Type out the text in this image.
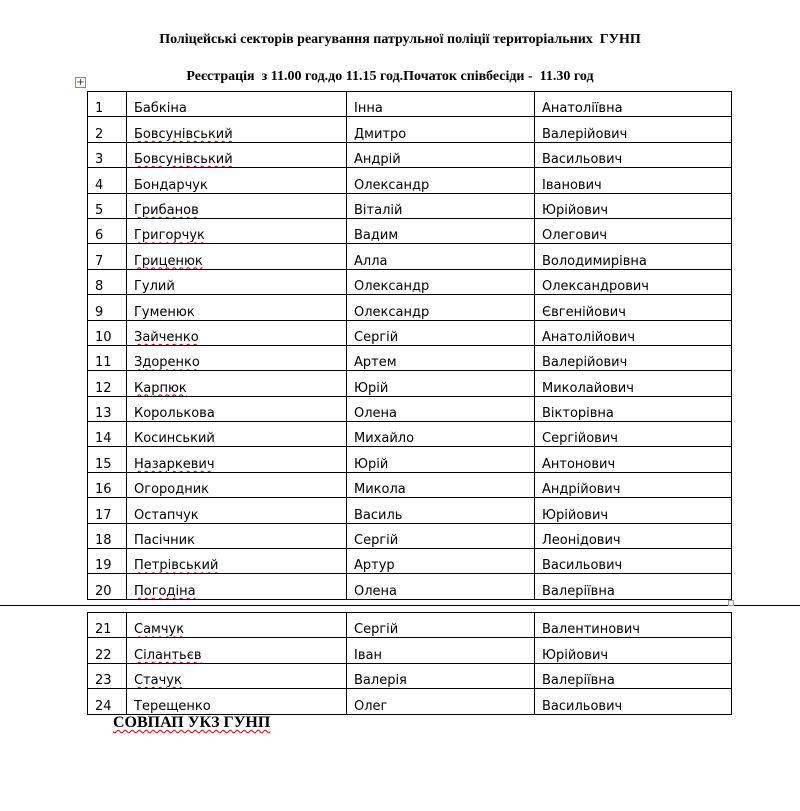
Поліцейські секторів реагування патрульної поліції територіальних  ГУНП
+	Реєстрація  з 11.00 год.до 11.15 год.Початок співбесіди -  11.30 год
1	Бабкіна	Інна	Анатоліївна
2	Бовсунівський	Дмитро	Валерійович
3	Бовсунівський	Андрій	Васильович
4	Бондарчук	Олександр	Іванович
5	Грибанов	Віталій	Юрійович
6	Григорчук	Вадим	Олегович
7	Гриценюк	Алла	Володимирівна
8	Гулий	Олександр	Олександрович
9	Гуменюк	Олександр	Євгенійович
10	Зайченко	Сергій	Анатолійович
11	Здоренко	Артем	Валерійович
12	Карпюк	Юрій	Миколайович
13	Королькова	Олена	Вікторівна
14	Косинський	Михайло	Сергійович
15	Назаркевич	Юрій	Антонович
16	Огородник	Микола	Андрійович
17	Остапчук	Василь	Юрійович
18	Пасічник	Сергій	Леонідович
19	Петрівський	Артур	Васильович
20	Погодіна	Олена	Валеріївна
21	Самчук	Сергій	Валентинович
22	Сілантьєв	Іван	Юрійович
23	Стачук	Валерія	Валеріївна
24	Терещенко	Олег	Васильович
СОВПАП УКЗ ГУНП
